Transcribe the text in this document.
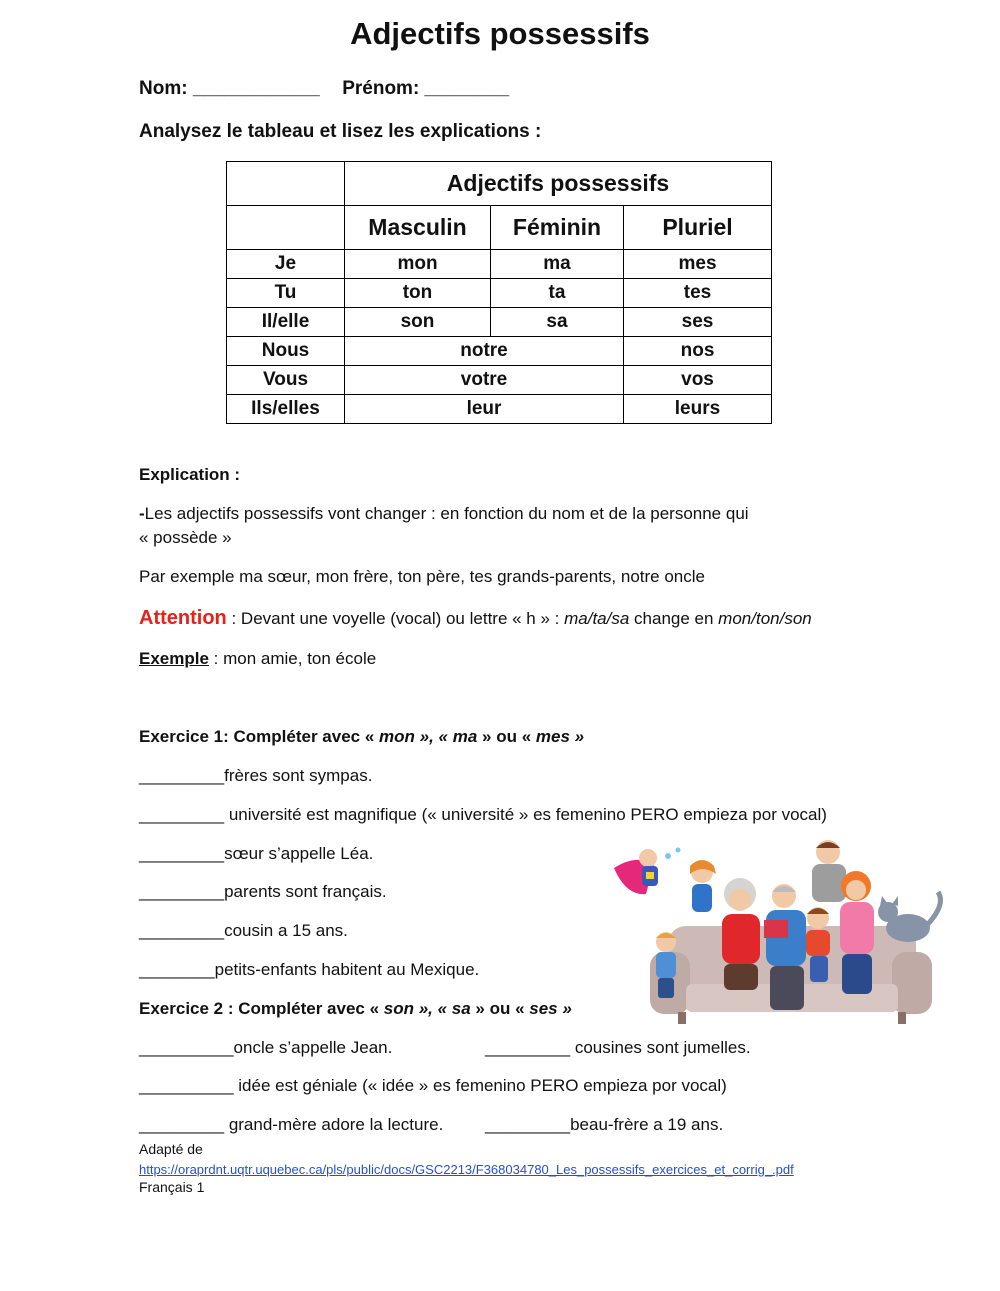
Adjectifs possessifs
Nom: ____________ Prénom: ________
Analysez le tableau et lisez les explications :
	Adjectifs possessifs		
	Masculin	Féminin	Pluriel
Je	mon	ma	mes
Tu	ton	ta	tes
Il/elle	son	sa	ses
Nous	notre		nos
Vous	votre		vos
Ils/elles	leur		leurs
Explication :
-Les adjectifs possessifs vont changer : en fonction du nom et de la personne qui
« possède »
Par exemple ma sœur, mon frère, ton père, tes grands-parents, notre oncle
Attention : Devant une voyelle (vocal) ou lettre « h » : ma/ta/sa change en mon/ton/son
Exemple : mon amie, ton école
Exercice 1: Compléter avec « mon », « ma » ou « mes »
_________frères sont sympas.
_________ université est magnifique (« université » es femenino PERO empieza por vocal)
_________sœur s’appelle Léa.
_________parents sont français.
_________cousin a 15 ans.
________petits-enfants habitent au Mexique.
Exercice 2 : Compléter avec « son », « sa » ou « ses »
__________oncle s’appelle Jean.	_________ cousines sont jumelles.
__________ idée est géniale (« idée » es femenino PERO empieza por vocal)
_________ grand-mère adore la lecture. _________beau-frère a 19 ans.
Adapté de
https://oraprdnt.uqtr.uquebec.ca/pls/public/docs/GSC2213/F368034780_Les_possessifs_exercices_et_corrig_.pdf
Français 1
